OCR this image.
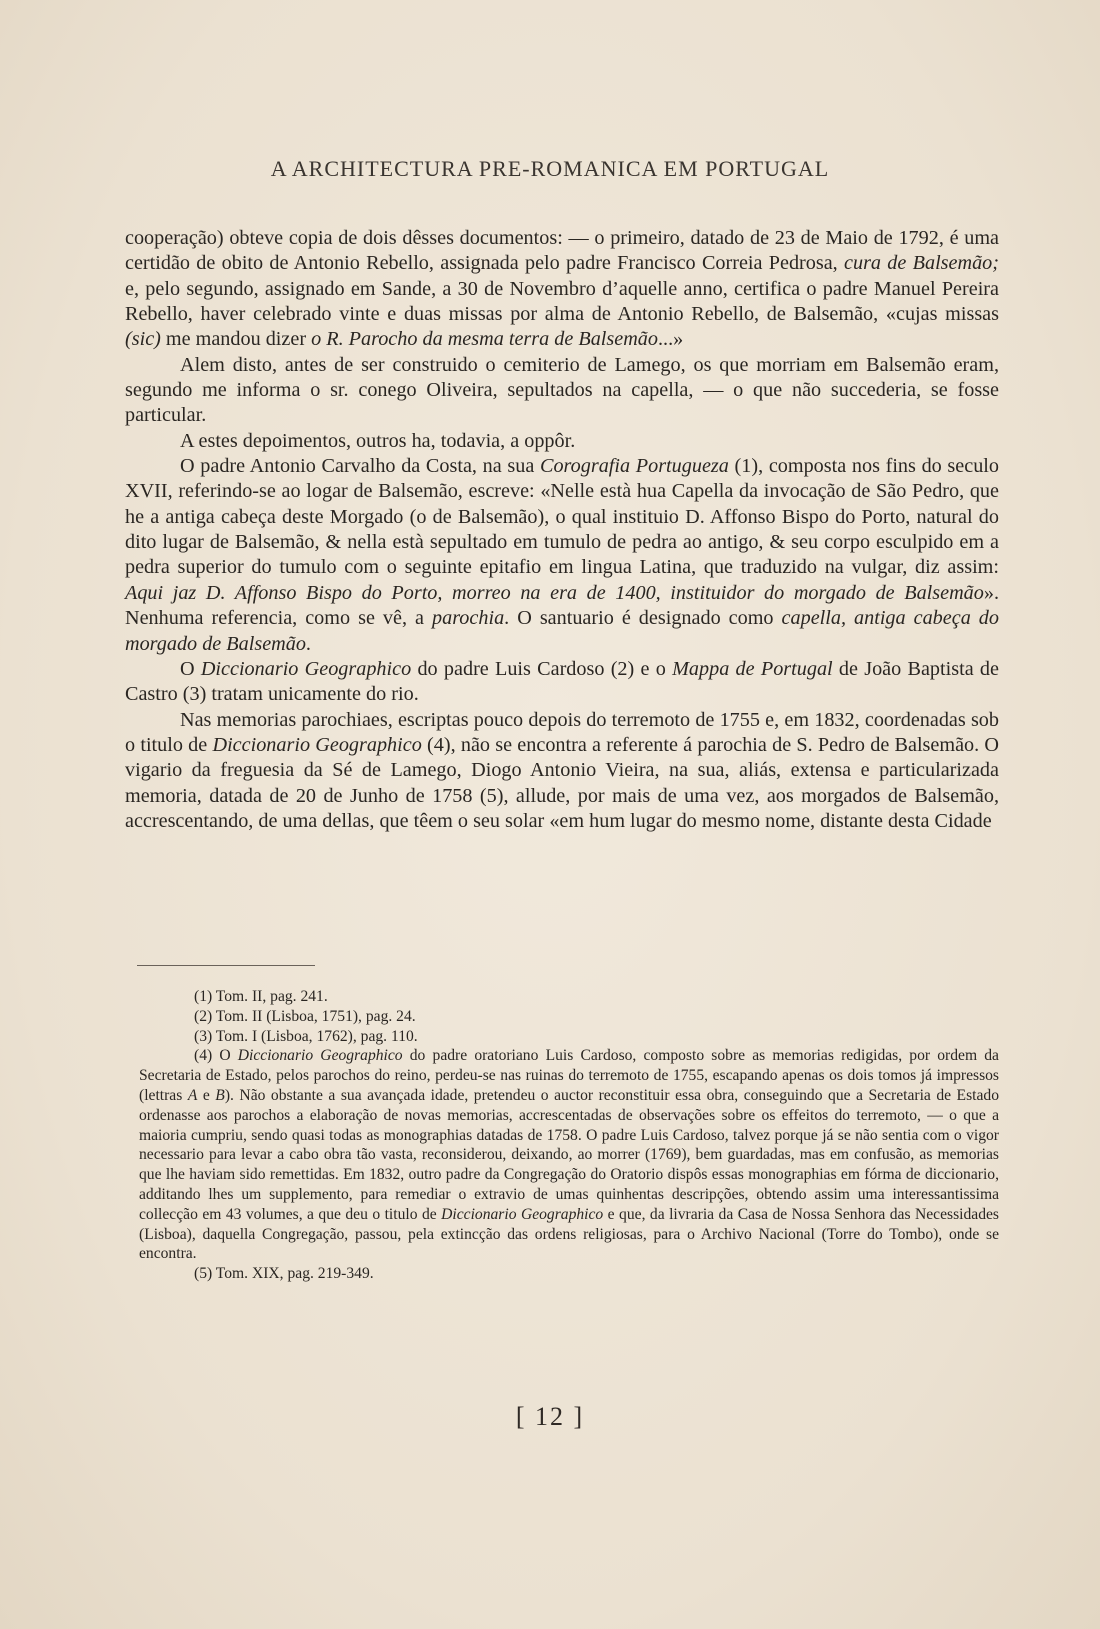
A ARCHITECTURA PRE-ROMANICA EM PORTUGAL

cooperação) obteve copia de dois dêsses documentos: — o primeiro, datado de 23 de Maio de 1792, é uma certidão de obito de Antonio Rebello, assignada pelo padre Francisco Correia Pedrosa, cura de Balsemão; e, pelo segundo, assignado em Sande, a 30 de Novembro d’aquelle anno, certifica o padre Manuel Pereira Rebello, haver celebrado vinte e duas missas por alma de Antonio Rebello, de Balsemão, «cujas missas (sic) me mandou dizer o R. Parocho da mesma terra de Balsemão...»

Alem disto, antes de ser construido o cemiterio de Lamego, os que morriam em Balsemão eram, segundo me informa o sr. conego Oliveira, sepultados na capella, — o que não succederia, se fosse particular.

A estes depoimentos, outros ha, todavia, a oppôr.

O padre Antonio Carvalho da Costa, na sua Corografia Portugueza (1), composta nos fins do seculo XVII, referindo-se ao logar de Balsemão, escreve: «Nelle està hua Capella da invocação de São Pedro, que he a antiga cabeça deste Morgado (o de Balsemão), o qual instituio D. Affonso Bispo do Porto, natural do dito lugar de Balsemão, & nella està sepultado em tumulo de pedra ao antigo, & seu corpo esculpido em a pedra superior do tumulo com o seguinte epitafio em lingua Latina, que traduzido na vulgar, diz assim: Aqui jaz D. Affonso Bispo do Porto, morreo na era de 1400, instituidor do morgado de Balsemão». Nenhuma referencia, como se vê, a parochia. O santuario é designado como capella, antiga cabeça do morgado de Balsemão.

O Diccionario Geographico do padre Luis Cardoso (2) e o Mappa de Portugal de João Baptista de Castro (3) tratam unicamente do rio.

Nas memorias parochiaes, escriptas pouco depois do terremoto de 1755 e, em 1832, coordenadas sob o titulo de Diccionario Geographico (4), não se encontra a referente á parochia de S. Pedro de Balsemão. O vigario da freguesia da Sé de Lamego, Diogo Antonio Vieira, na sua, aliás, extensa e particularizada memoria, datada de 20 de Junho de 1758 (5), allude, por mais de uma vez, aos morgados de Balsemão, accrescentando, de uma dellas, que têem o seu solar «em hum lugar do mesmo nome, distante desta Cidade

(1) Tom. II, pag. 241.

(2) Tom. II (Lisboa, 1751), pag. 24.

(3) Tom. I (Lisboa, 1762), pag. 110.

(4) O Diccionario Geographico do padre oratoriano Luis Cardoso, composto sobre as memorias redigidas, por ordem da Secretaria de Estado, pelos parochos do reino, perdeu-se nas ruinas do terremoto de 1755, escapando apenas os dois tomos já impressos (lettras A e B). Não obstante a sua avançada idade, pretendeu o auctor reconstituir essa obra, conseguindo que a Secretaria de Estado ordenasse aos parochos a elaboração de novas memorias, accrescentadas de observações sobre os effeitos do terremoto, — o que a maioria cumpriu, sendo quasi todas as monographias datadas de 1758. O padre Luis Cardoso, talvez porque já se não sentia com o vigor necessario para levar a cabo obra tão vasta, reconsiderou, deixando, ao morrer (1769), bem guardadas, mas em confusão, as memorias que lhe haviam sido remettidas. Em 1832, outro padre da Congregação do Oratorio dispôs essas monographias em fórma de diccionario, additando lhes um supplemento, para remediar o extravio de umas quinhentas descripções, obtendo assim uma interessantissima collecção em 43 volumes, a que deu o titulo de Diccionario Geographico e que, da livraria da Casa de Nossa Senhora das Necessidades (Lisboa), daquella Congregação, passou, pela extincção das ordens religiosas, para o Archivo Nacional (Torre do Tombo), onde se encontra.

(5) Tom. XIX, pag. 219-349.

[ 12 ]
